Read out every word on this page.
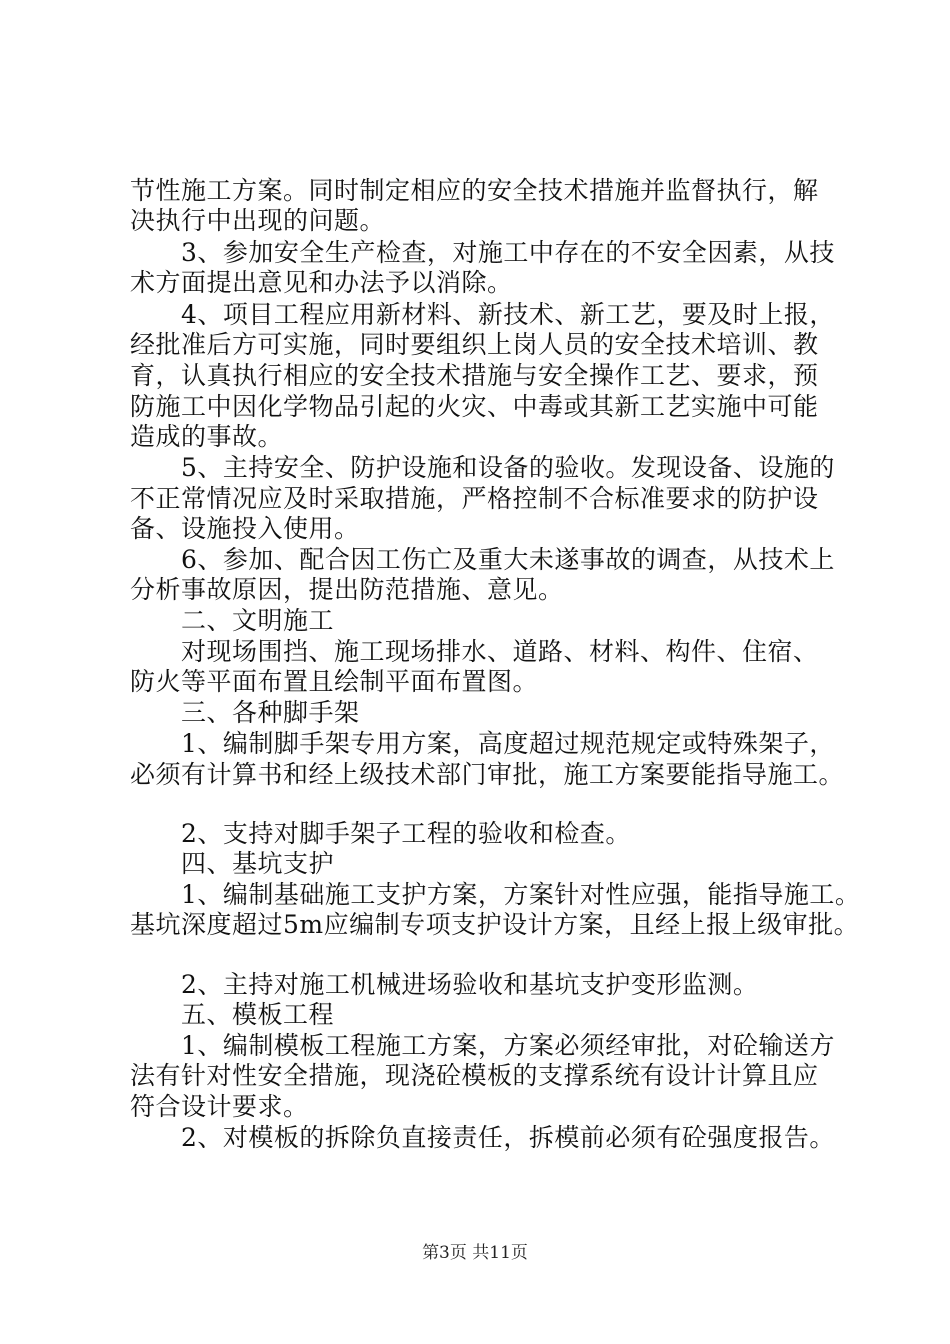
节性施工方案。同时制定相应的安全技术措施并监督执行，解
决执行中出现的问题。
　　3、参加安全生产检查，对施工中存在的不安全因素，从技
术方面提出意见和办法予以消除。
　　4、项目工程应用新材料、新技术、新工艺，要及时上报，
经批准后方可实施，同时要组织上岗人员的安全技术培训、教
育，认真执行相应的安全技术措施与安全操作工艺、要求，预
防施工中因化学物品引起的火灾、中毒或其新工艺实施中可能
造成的事故。
　　5、主持安全、防护设施和设备的验收。发现设备、设施的
不正常情况应及时采取措施，严格控制不合标准要求的防护设
备、设施投入使用。
　　6、参加、配合因工伤亡及重大未遂事故的调查，从技术上
分析事故原因，提出防范措施、意见。
　　二、文明施工
　　对现场围挡、施工现场排水、道路、材料、构件、住宿、
防火等平面布置且绘制平面布置图。
　　三、各种脚手架
　　1、编制脚手架专用方案，高度超过规范规定或特殊架子，
必须有计算书和经上级技术部门审批，施工方案要能指导施工。
　　2、支持对脚手架子工程的验收和检查。
　　四、基坑支护
　　1、编制基础施工支护方案，方案针对性应强，能指导施工。
基坑深度超过5m应编制专项支护设计方案，且经上报上级审批。
　　2、主持对施工机械进场验收和基坑支护变形监测。
　　五、模板工程
　　1、编制模板工程施工方案，方案必须经审批，对砼输送方
法有针对性安全措施，现浇砼模板的支撑系统有设计计算且应
符合设计要求。
　　2、对模板的拆除负直接责任，拆模前必须有砼强度报告。
第3页 共11页
